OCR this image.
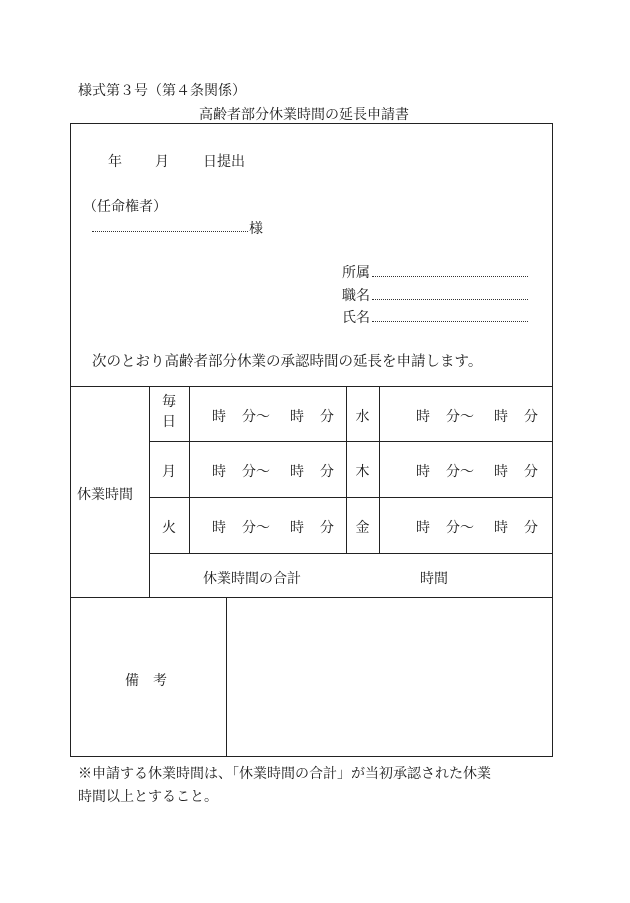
様式第３号（第４条関係）
高齢者部分休業時間の延長申請書
年 月 日提出
（任命権者）
様
所属
職名
氏名
次のとおり高齢者部分休業の承認時間の延長を申請します。
休業時間
毎日	時 分〜 時 分	水	時 分〜 時 分
月	時 分〜 時 分	木	時 分〜 時 分
火	時 分〜 時 分	金	時 分〜 時 分
休業時間の合計	時間
備　考
※申請する休業時間は、「休業時間の合計」が当初承認された休業
時間以上とすること。
